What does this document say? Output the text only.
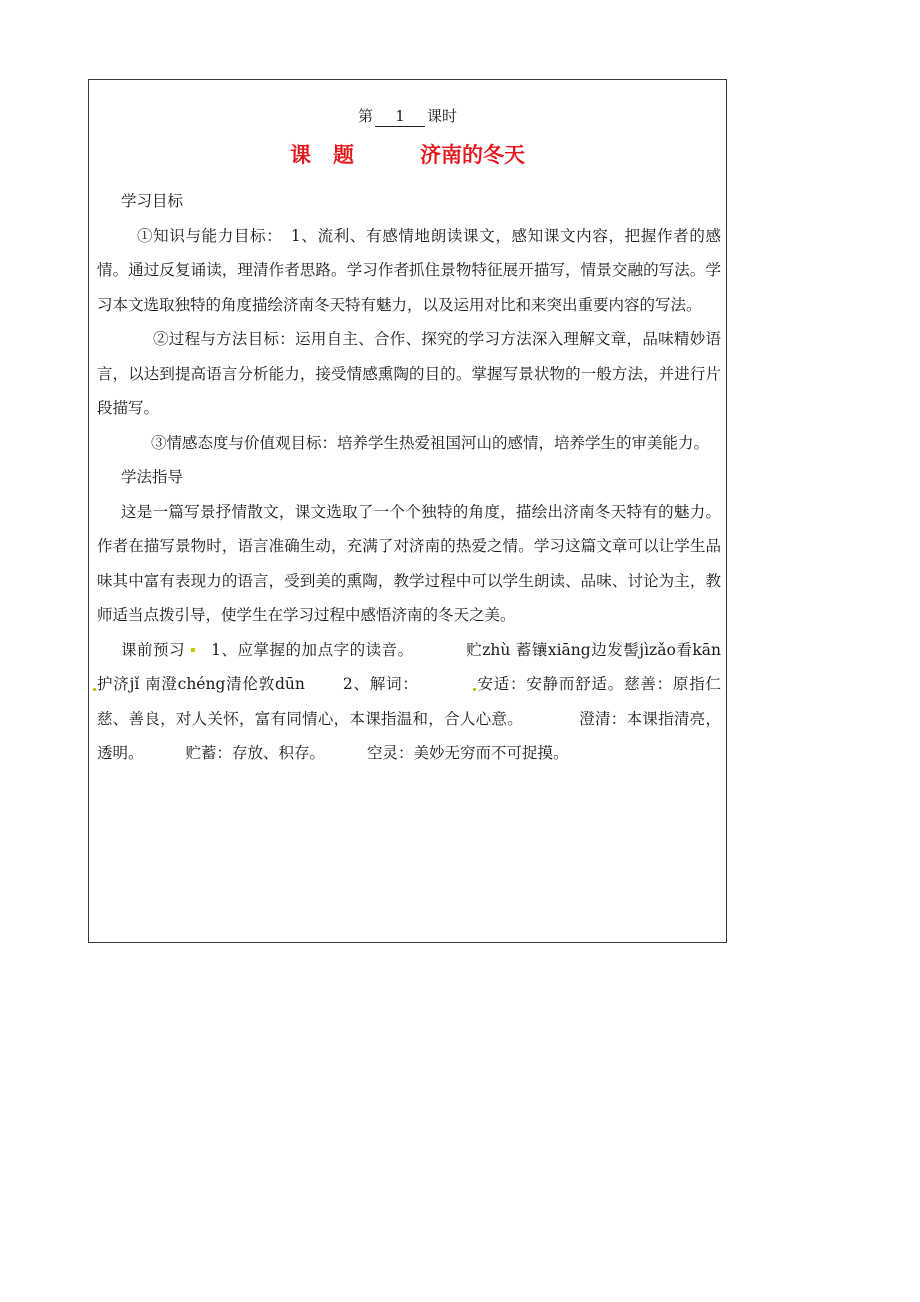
第 1 课时
课 题	济南的冬天

学习目标

①知识与能力目标：　1、流利、有感情地朗读课文，感知课文内容，把握作者的感情。通过反复诵读，理清作者思路。学习作者抓住景物特征展开描写，情景交融的写法。学习本文选取独特的角度描绘济南冬天特有魅力，以及运用对比和来突出重要内容的写法。

②过程与方法目标：运用自主、合作、探究的学习方法深入理解文章，品味精妙语言，以达到提高语言分析能力，接受情感熏陶的目的。掌握写景状物的一般方法，并进行片段描写。

③情感态度与价值观目标：培养学生热爱祖国河山的感情，培养学生的审美能力。

学法指导

这是一篇写景抒情散文，课文选取了一个个独特的角度，描绘出济南冬天特有的魅力。作者在描写景物时，语言准确生动，充满了对济南的热爱之情。学习这篇文章可以让学生品味其中富有表现力的语言，受到美的熏陶，教学过程中可以学生朗读、品味、讨论为主，教师适当点拨引导，使学生在学习过程中感悟济南的冬天之美。

课前预习 1、应掌握的加点字的读音。	贮zhù 蓄镶xiāng边发髻jìzǎo看kān护济jǐ 南澄chéng清伦敦dūn 2、解词：	安适：安静而舒适。慈善：原指仁慈、善良，对人关怀，富有同情心，本课指温和，合人心意。	澄清：本课指清亮，透明。	贮蓄：存放、积存。	空灵：美妙无穷而不可捉摸。
